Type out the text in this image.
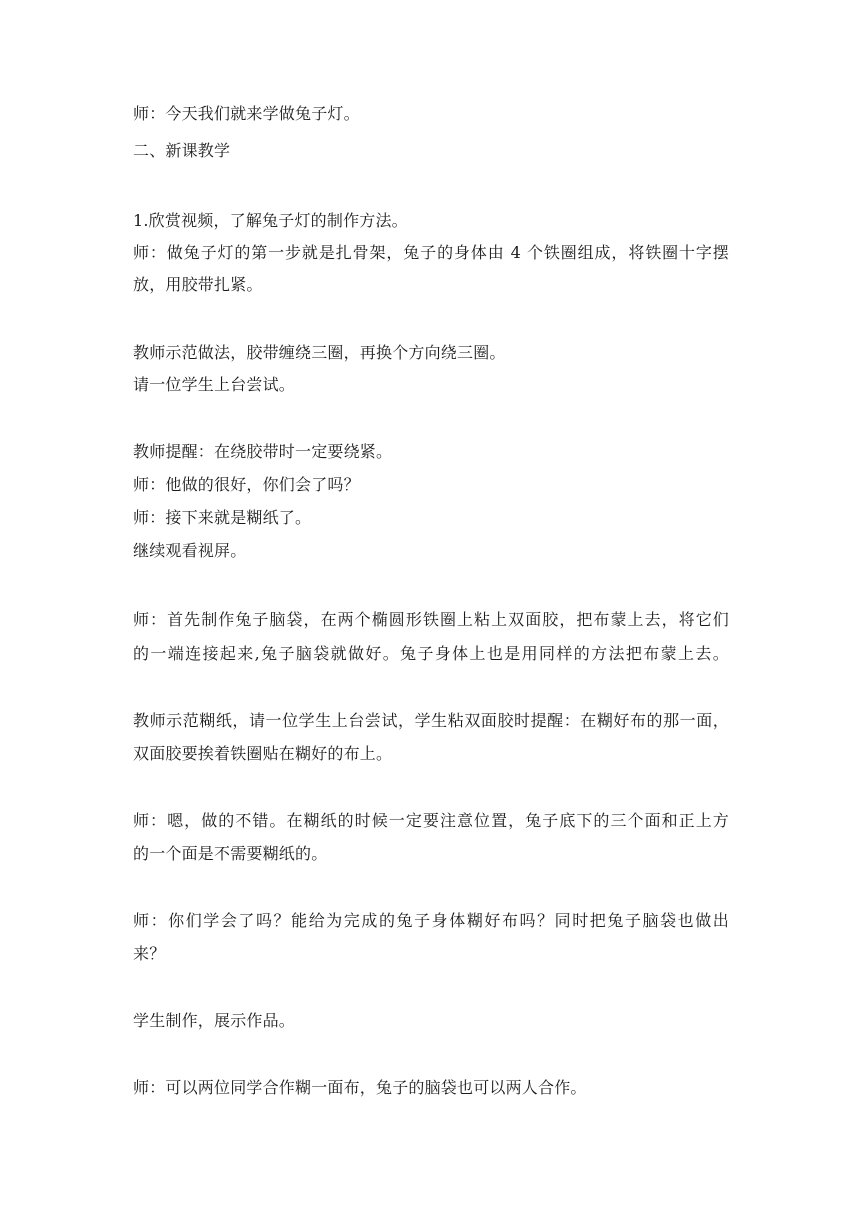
师：今天我们就来学做兔子灯。
二、新课教学
1.欣赏视频，了解兔子灯的制作方法。
师：做兔子灯的第一步就是扎骨架，兔子的身体由 4 个铁圈组成，将铁圈十字摆
放，用胶带扎紧。
教师示范做法，胶带缠绕三圈，再换个方向绕三圈。
请一位学生上台尝试。
教师提醒：在绕胶带时一定要绕紧。
师：他做的很好，你们会了吗？
师：接下来就是糊纸了。
继续观看视屏。
师：首先制作兔子脑袋，在两个椭圆形铁圈上粘上双面胶，把布蒙上去，将它们
的一端连接起来,兔子脑袋就做好。兔子身体上也是用同样的方法把布蒙上去。
教师示范糊纸，请一位学生上台尝试，学生粘双面胶时提醒：在糊好布的那一面，
双面胶要挨着铁圈贴在糊好的布上。
师：嗯，做的不错。在糊纸的时候一定要注意位置，兔子底下的三个面和正上方
的一个面是不需要糊纸的。
师：你们学会了吗？能给为完成的兔子身体糊好布吗？同时把兔子脑袋也做出
来？
学生制作，展示作品。
师：可以两位同学合作糊一面布，兔子的脑袋也可以两人合作。
